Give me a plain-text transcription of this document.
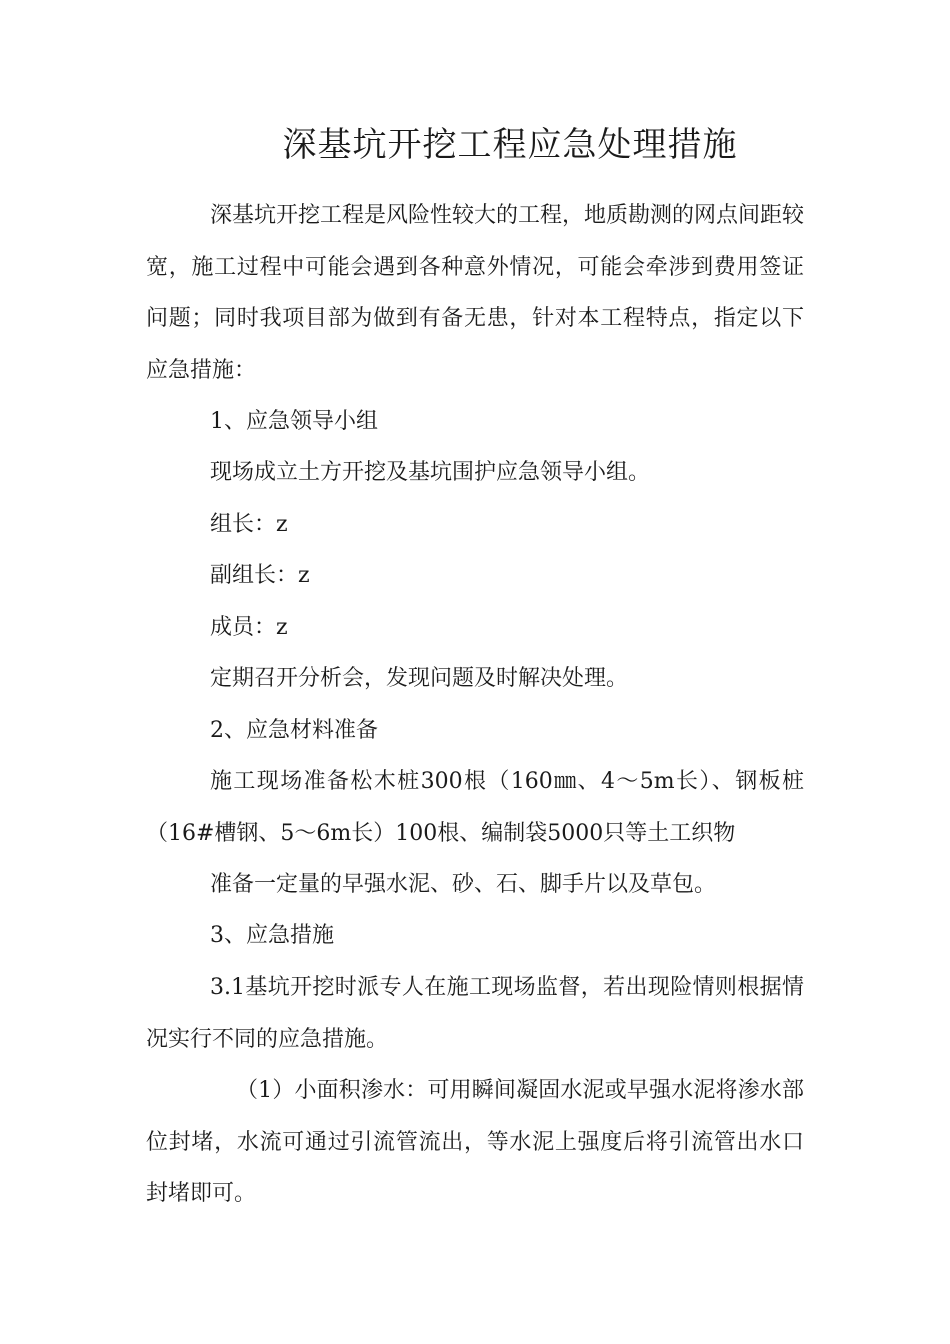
深基坑开挖工程应急处理措施

深基坑开挖工程是风险性较大的工程，地质勘测的网点间距较宽，施工过程中可能会遇到各种意外情况，可能会牵涉到费用签证问题；同时我项目部为做到有备无患，针对本工程特点，指定以下应急措施：

1、应急领导小组

现场成立土方开挖及基坑围护应急领导小组。

组长：z

副组长：z

成员：z

定期召开分析会，发现问题及时解决处理。

2、应急材料准备

施工现场准备松木桩300根（160㎜、4～5m长）、钢板桩（16#槽钢、5～6m长）100根、编制袋5000只等土工织物

准备一定量的早强水泥、砂、石、脚手片以及草包。

3、应急措施

3.1基坑开挖时派专人在施工现场监督，若出现险情则根据情况实行不同的应急措施。

（1）小面积渗水：可用瞬间凝固水泥或早强水泥将渗水部位封堵，水流可通过引流管流出，等水泥上强度后将引流管出水口封堵即可。
